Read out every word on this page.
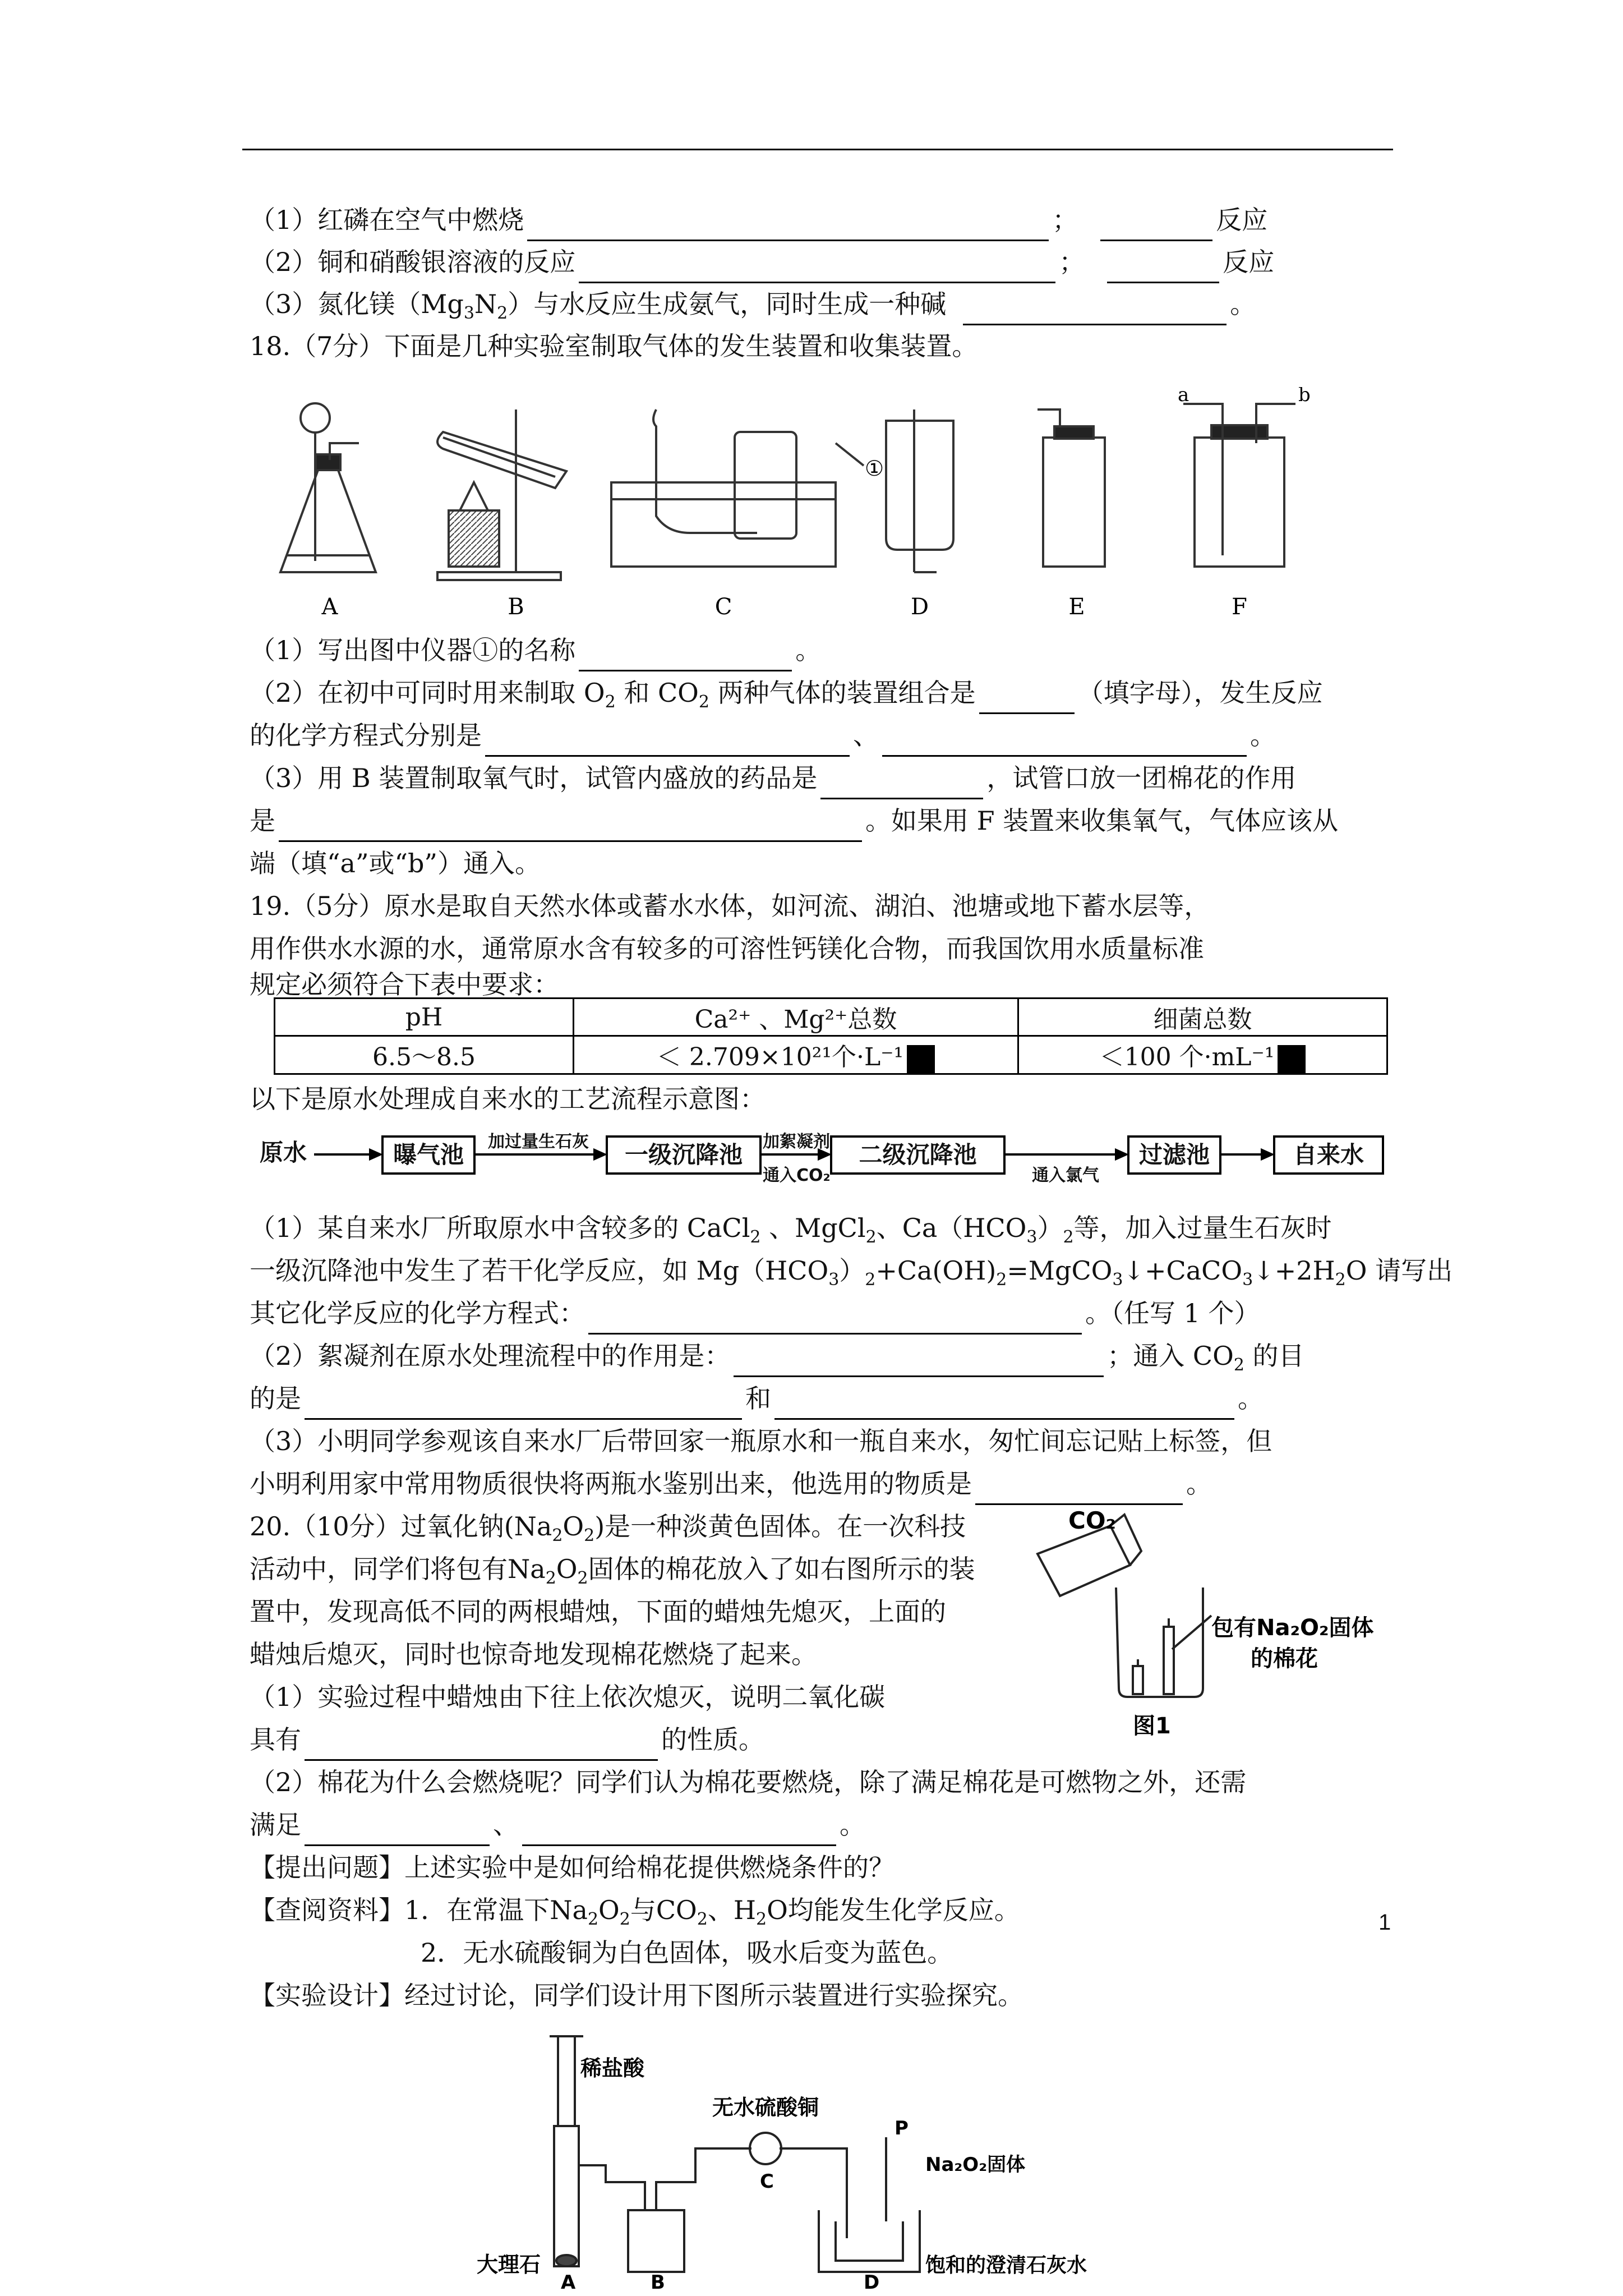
（1）红磷在空气中燃烧	；	反应
（2）铜和硝酸银溶液的反应	；	反应
（3）氮化镁$(Mg_3N_2)$与水反应生成氨气，同时生成一种碱	。
18.（7分）下面是几种实验室制取气体的发生装置和收集装置。
A	B	C	D	E	F
a	b
①
（1）写出图中仪器①的名称	。
（2）在初中可同时用来制取 $O_2$ 和 $CO_2$ 两种气体的装置组合是	（填字母），发生反应
的化学方程式分别是	、	。
（3）用 B 装置制取氧气时，试管内盛放的药品是	，试管口放一团棉花的作用
是	。如果用 F 装置来收集氧气，气体应该从
端（填“a”或“b”）通入。
19.（5分）原水是取自天然水体或蓄水水体，如河流、湖泊、池塘或地下蓄水层等，
用作供水水源的水，通常原水含有较多的可溶性钙镁化合物，而我国饮用水质量标准
规定必须符合下表中要求：
pH	Ca²⁺ 、Mg²⁺总数	细菌总数
6.5～8.5	＜ 2.709×10²¹个·L⁻¹	＜100 个·mL⁻¹
以下是原水处理成自来水的工艺流程示意图：
原水	曝气池	一级沉降池	二级沉降池	过滤池	自来水
加过量生石灰	加絮凝剂
通入CO₂	通入氯气
（1）某自来水厂所取原水中含较多的 CaCl$_2$ 、MgCl$_2$、$Ca(HCO_3)_2$等，加入过量生石灰时
一级沉降池中发生了若干化学反应，如 $Mg(HCO_3)_2+Ca(OH)_2=MgCO_3↓+CaCO_3↓+2H_2O$ 请写出
其它化学反应的化学方程式：	。（任写 1 个）
（2）絮凝剂在原水处理流程中的作用是：	；通入 $CO_2$ 的目
的是	和	。
（3）小明同学参观该自来水厂后带回家一瓶原水和一瓶自来水，匆忙间忘记贴上标签，但
小明利用家中常用物质很快将两瓶水鉴别出来，他选用的物质是	。
20.（10分）过氧化钠$(Na_2O_2)$是一种淡黄色固体。在一次科技
活动中，同学们将包有$Na_2O_2$固体的棉花放入了如右图所示的装
置中，发现高低不同的两根蜡烛，下面的蜡烛先熄灭，上面的
蜡烛后熄灭，同时也惊奇地发现棉花燃烧了起来。
（1）实验过程中蜡烛由下往上依次熄灭，说明二氧化碳
具有	的性质。
CO₂
包有Na₂O₂固体
的棉花
图1
（2）棉花为什么会燃烧呢？同学们认为棉花要燃烧，除了满足棉花是可燃物之外，还需
满足	、	。
【提出问题】上述实验中是如何给棉花提供燃烧条件的？
【查阅资料】1．在常温下$Na_2O_2$与$CO_2$、$H_2O$均能发生化学反应。
2．无水硫酸铜为白色固体，吸水后变为蓝色。
【实验设计】经过讨论，同学们设计用下图所示装置进行实验探究。
稀盐酸
无水硫酸铜
P
Na₂O₂固体
大理石	饱和的澄清石灰水
A	B
C
D
1
